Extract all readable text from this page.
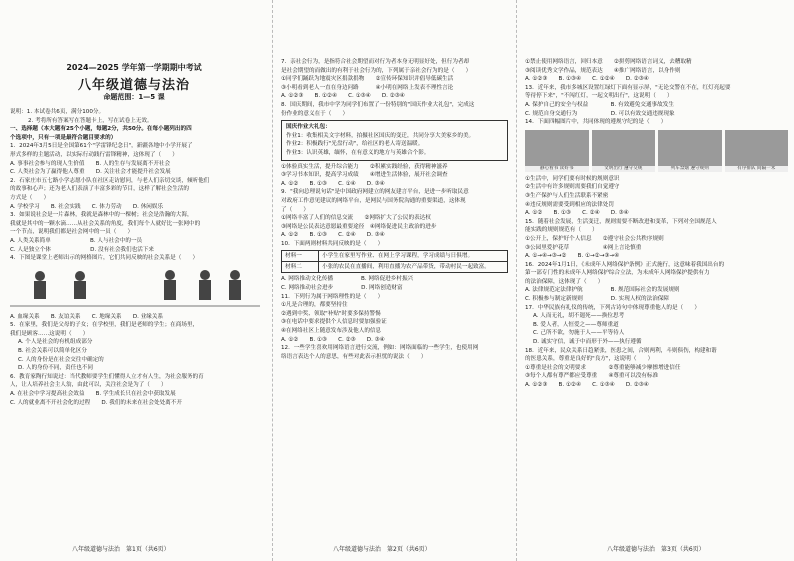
2024—2025 学年第一学期期中考试
八年级道德与法治
命题范围：1—5 课

说明：1. 本试卷共6页，满分100分。

2. 考将所有答案写在答题卡上，写在试卷上无效。

一、选择题（本大题有25个小题，每题2分，共50分。在每小题列出的四

个选项中，只有一项是最符合题目要求的）

1．2024年3月5日是全国第61个"学雷锋纪念日"，新疆各地中小学开展了

形式多样的主题活动，以实际行动践行雷锋精神，这体现了（　　）

A. 事事社会参与的现人生价值　　B. 人的生存与发展离不开社会

C. 人类社会为了赢得他人尊重　　D. 关注社会才能提升社会发展

2．石家庄市五七路小学志愿小队在社区走访慰问，与老人们亲切交谈，倾听他们

的故事和心声；还为老人们表演了丰富多彩的节目，这样了解社会生活的

方式是（　　）

A. 学校学习　　B. 社会实践　　C. 体力劳动　　D. 休闲娱乐

3．如果说社会是一片森林，我就是森林中的一棵树；社会是浩瀚的大海，

我就是其中的一颗水滴……从社会关系的角度，我们每个人就好比一张网中的

一个节点，说明我们都是社会网中的一员（　　）

A. 人类关系简单　　　　　　　B. 人与社会中的一员

C. 人是独立个体　　　　　　　D. 没有社会我们也活下来

4．下图是课堂上老师出示的网格图片，它们共同反映的社会关系是（　　）

A. 血缘关系　　B. 友谊关系　　C. 地缘关系　　D. 业缘关系

5．在家里，我们是父母的子女；在学校里，我们是老师的学生；在商场里，

我们是顾客……这说明（　　）

A. 个人是社会的有机组成部分

B. 社会关系可以简单化区分

C. 人的身份是在社会交往中确定的

D. 人的身份不同，责任也不同

6．教育家陶行知说过：当代教师要学生们懂得人立才有人生，为社会服务的育

人，让人培养社会主人翁，由此可以，关注社会是为了（　　）

A. 在社会中学习提高社会效益　　B. 学生成长只在社会中获取发展

C. 人的就业离不开社会化的过程　　D. 我们的未来在社会处处离不开

八年级道德与法治　第1页（共6页）

7．亲社会行为，是指符合社会期望而对行为者本身无明显好处，但行为者却

是社会期望的而做出的有利于社会行为的，下列属于亲社会行为的是（　　）

①同学们踊跃为地震灾区捐款捐物　　②宣传环保知识并倡导低碳生活

③小明看到老人一直在身边问路　　　④小明在网络上发表不理性言论

A. ①②③　　B. ①②④　　C. ①③④　　D. ②③④

8．国庆期间，我市中学为同学们布置了一份特别的"国庆作业大礼包"，完成这

份作业的意义在于（　　）

国庆作业大礼包：

作业1：收集相关文字材料，拍摄社区国庆的变迁，共同分享大美家乡的美。

作业2：积极践行"光盘行动"，给社区的老人寄送温暖。

作业3：认识英雄，缅怀，在有意义的地方与英雄合个影。

①体验真实生活，提升综合能力　　②积累实践经验，获得精神滋养

③学习书本知识，提高学习成绩　　④增进生活体验，展开社会调查

A. ①②　　B. ①③　　C. ①④　　D. ③④

9．"我向总理说句话"是中国政府网建立的网友建言平台，是进一步听取民意

对政府工作意见建议的网络平台，是网民与国务院沟通的重要渠道，这体现

了（　　）

①网络丰富了人们的信息交流　　②网络扩大了公民的表达权

③网络是公民表达意愿最重要途径　④网络促进民主政治的进步

A. ①②　　B. ①③　　C. ②④　　D. ③④

10．下面两则材料共同反映的是（　　）

材料一	小学生在家里写作业、在网上学习课程，学习成绩与日俱增。
材料二	小张的农民在直播间，利用直播为农产品带货，带动村民一起致富。

A. 网络推动文化传播　　　　　B. 网络促进乡村振兴

C. 网络推动社会进步　　　　　D. 网络创造财富

11．下列行为属于网络理性的是（　　）

①凡是合理的，都要坚持住

②遇到中奖、领取"补贴"时要多保持警惕

③在电话中要求提供个人信息时要加强验证

④在网络社区上随意发布涉及他人的信息

A. ①②　　B. ①③　　C. ②③　　D. ③④

12．一些学生喜欢用网络语言进行交流，例如：网络面临的一些学生，也使用网

络语言表达个人的意思，有些对此表示担忧的说法（　　）

八年级道德与法治　第2页（共6页）

①禁止使用网络语言，回归本意　　②拼剪网络语言词义，去糟取精

③阅读优秀文学作品，规范表达　　④推广网络语言，以身作则

A. ①②③　　B. ①③④　　C. ①②④　　D. ②③④

13．近年来，我市多城区设置红绿灯下面有显示屏，"无论交警在不在，红灯亮起要

等待停下来"，"不闯红灯，一起文明出行"，这说明（　　）

A. 保护自己的安全与权益　　　　B. 有效避免交通事故发生

C. 规范自身交通行为　　　　　　D. 可以有效交通违规现象

14．下面四幅图片中，共同体现的遵规守纪的是（　　）

静心看书 读好书	文明出行 遵守交规	列车禁烟 遵守规则	有序排队 间隔一米

①生活中，同学们要有时候的规则意识

②生活中有许多规则需要我们自觉遵守

③生产保护与人们生活联系不紧密

④违反规则需要受到相应的法律处罚

A. ①②　　B. ①③　　C. ②④　　D. ③④

15．随着社会发展，生活变迁，规则需要不断改进和变革，下列对全国规范人

能实践的规则规范有（　　）

①公开上，保护好个人信息　　②遵守社会公共秩序规则

③公园里爱护花草　　　　　　④网上言论慎重

A. ①→④→③→②　　B. ①→②→③→④

16．2024年1月1日，《未成年人网络保护条例》正式施行，这意味着我国出台的

第一部专门性的未成年人网络保护综合立法，为未成年人网络保护提供有力

的法治保障，这体现了（　　）

A. 法律规范定法律护航　　　　　B. 规范国际社会的发展规则

C. 积极参与制定新规则　　　　　D. 实现人权的法治保障

17．中华民族有礼仪的传统，下列古诗句中体现尊重他人的是（　　）

A. 人而无礼，胡不遄死——换位思考

B. 爱人者，人恒爱之——尊师重道

C. 己所不欲，勿施于人——平等待人

D. 诚实守信，诚于中而形于外——执行遵循

18．近年来，民众关系日趋紧张，医患之间，合则两利，斗则俱伤，构建和谐

的医患关系，尊重是良好的"良方"，这说明（　　）

①尊重是社会的文明要求　　　　②尊重能够减少摩擦增进信任

③每个人都有尊严都应受尊重　　④尊重可以没有标准

A. ①②③　　B. ①②④　　C. ①③④　　D. ②③④

八年级道德与法治　第3页（共6页）
